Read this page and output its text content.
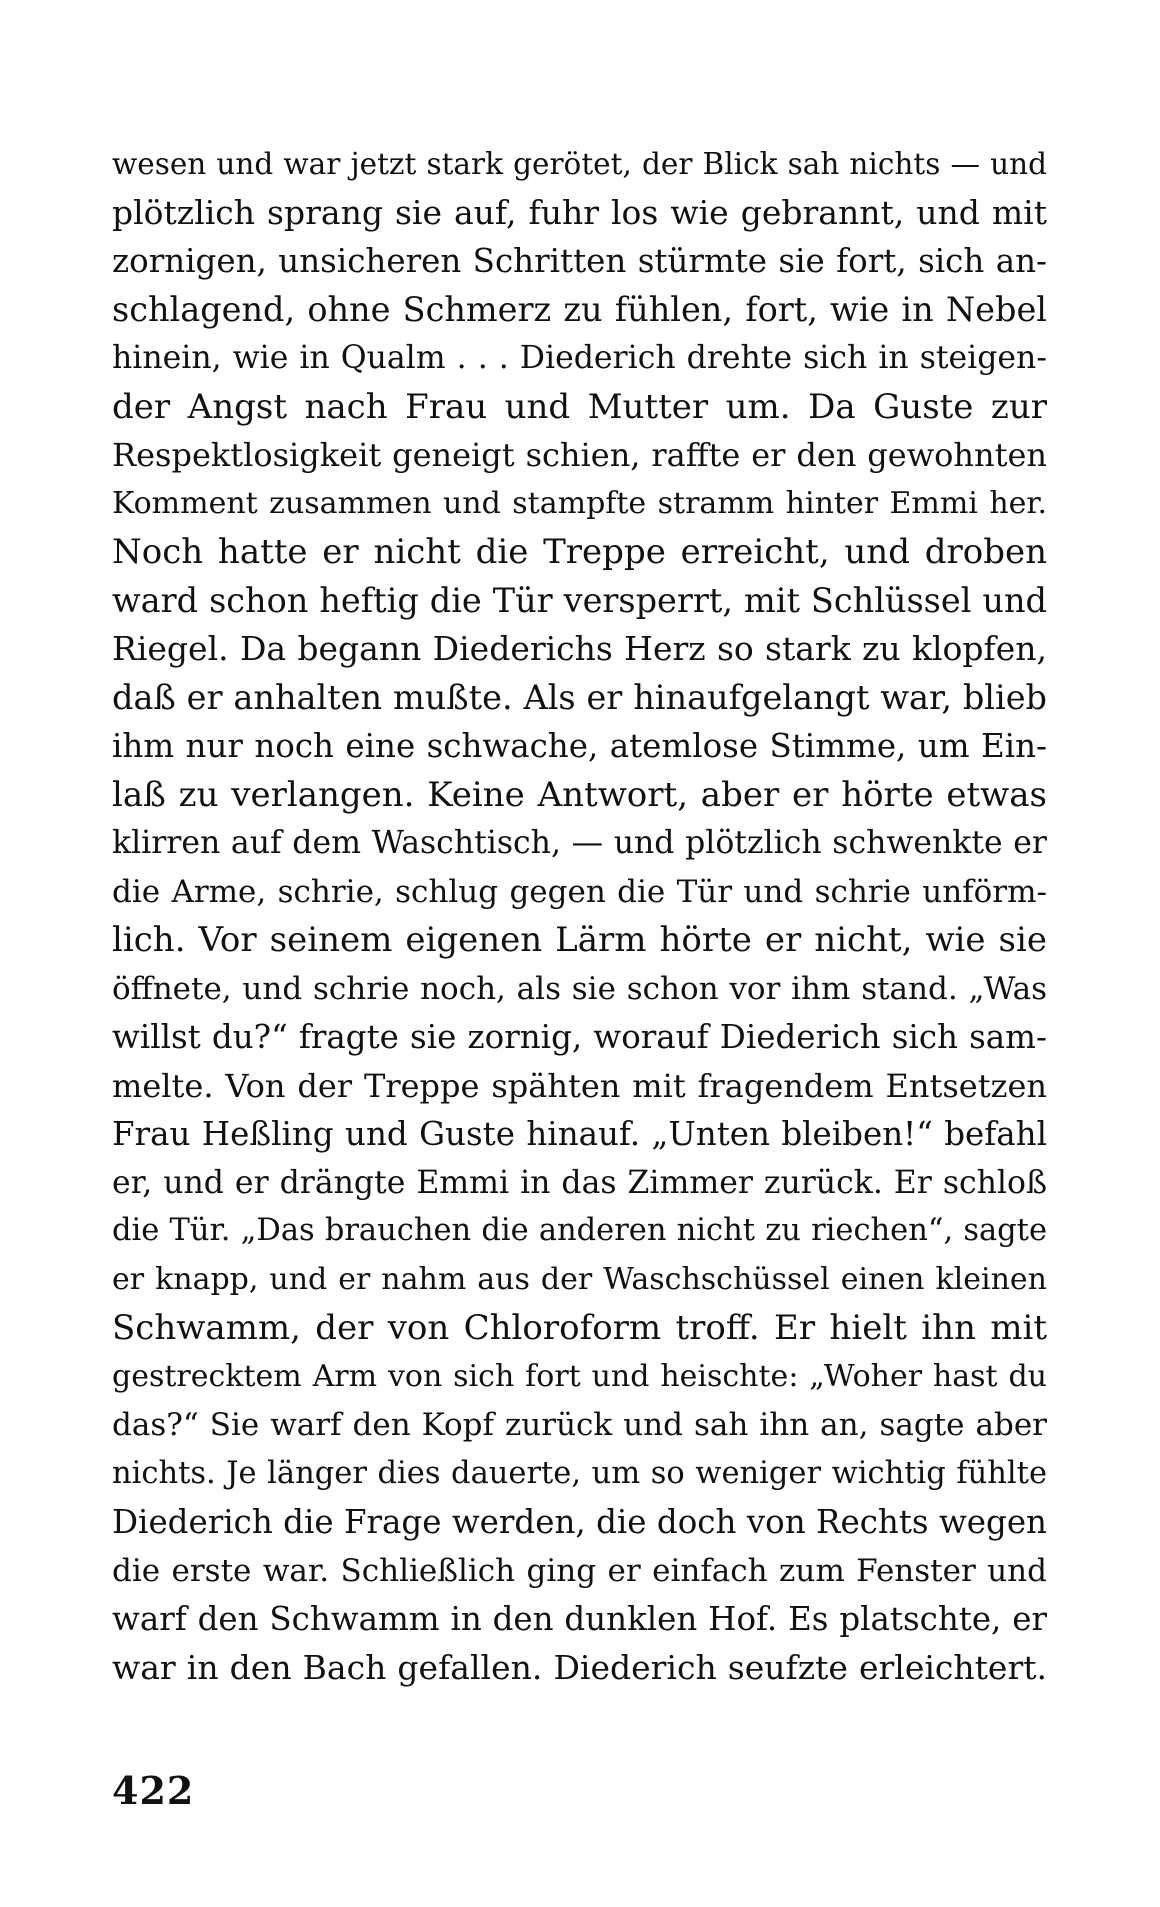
wesen und war jetzt stark gerötet, der Blick sah nichts — und
plötzlich sprang sie auf, fuhr los wie gebrannt, und mit
zornigen, unsicheren Schritten stürmte sie fort, sich an-
schlagend, ohne Schmerz zu fühlen, fort, wie in Nebel
hinein, wie in Qualm . . . Diederich drehte sich in steigen-
der Angst nach Frau und Mutter um. Da Guste zur
Respektlosigkeit geneigt schien, raffte er den gewohnten
Komment zusammen und stampfte stramm hinter Emmi her.
Noch hatte er nicht die Treppe erreicht, und droben
ward schon heftig die Tür versperrt, mit Schlüssel und
Riegel. Da begann Diederichs Herz so stark zu klopfen,
daß er anhalten mußte. Als er hinaufgelangt war, blieb
ihm nur noch eine schwache, atemlose Stimme, um Ein-
laß zu verlangen. Keine Antwort, aber er hörte etwas
klirren auf dem Waschtisch, — und plötzlich schwenkte er
die Arme, schrie, schlug gegen die Tür und schrie unförm-
lich. Vor seinem eigenen Lärm hörte er nicht, wie sie
öffnete, und schrie noch, als sie schon vor ihm stand. „Was
willst du?“ fragte sie zornig, worauf Diederich sich sam-
melte. Von der Treppe spähten mit fragendem Entsetzen
Frau Heßling und Guste hinauf. „Unten bleiben!“ befahl
er, und er drängte Emmi in das Zimmer zurück. Er schloß
die Tür. „Das brauchen die anderen nicht zu riechen“, sagte
er knapp, und er nahm aus der Waschschüssel einen kleinen
Schwamm, der von Chloroform troff. Er hielt ihn mit
gestrecktem Arm von sich fort und heischte: „Woher hast du
das?“ Sie warf den Kopf zurück und sah ihn an, sagte aber
nichts. Je länger dies dauerte, um so weniger wichtig fühlte
Diederich die Frage werden, die doch von Rechts wegen
die erste war. Schließlich ging er einfach zum Fenster und
warf den Schwamm in den dunklen Hof. Es platschte, er
war in den Bach gefallen. Diederich seufzte erleichtert.
422
